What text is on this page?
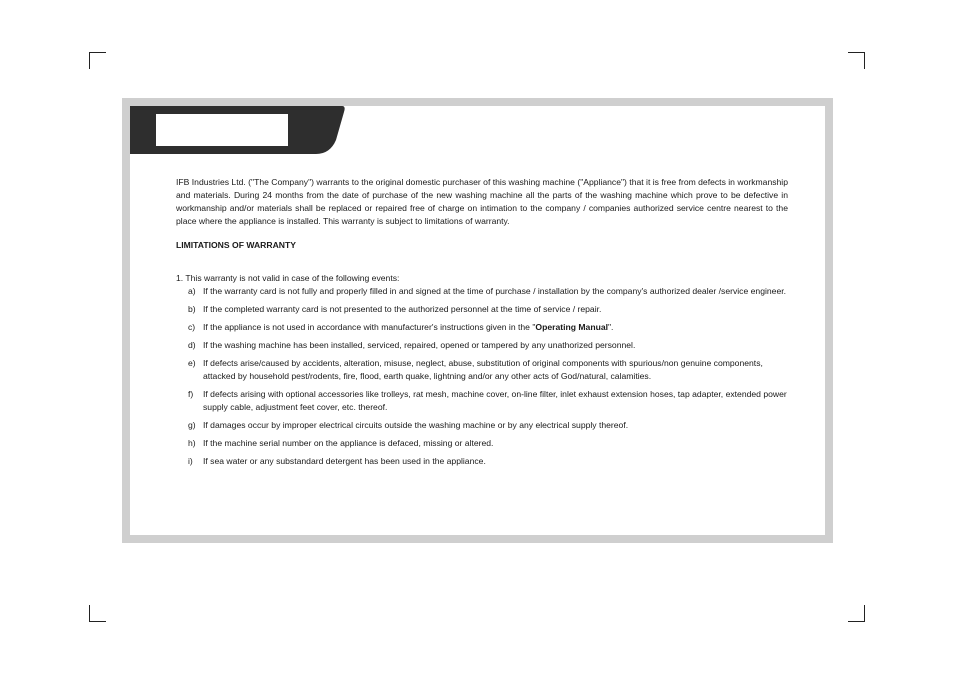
IFB Industries Ltd. ("The Company") warrants to the original domestic purchaser of this washing machine ("Appliance") that it is free from defects in workmanship and materials. During 24 months from the date of purchase of the new washing machine all the parts of the washing machine which prove to be defective in workmanship and/or materials shall be replaced or repaired free of charge on intimation to the company / companies authorized service centre nearest to the place where the appliance is installed. This warranty is subject to limitations of warranty.

LIMITATIONS OF WARRANTY

1. This warranty is not valid in case of the following events:

a) If the warranty card is not fully and properly filled in and signed at the time of purchase / installation by the company's authorized dealer /service engineer.
b) If the completed warranty card is not presented to the authorized personnel at the time of service / repair.
c) If the appliance is not used in accordance with manufacturer's instructions given in the "Operating Manual".
d) If the washing machine has been installed, serviced, repaired, opened or tampered by any unathorized personnel.
e) If defects arise/caused by accidents, alteration, misuse, neglect, abuse, substitution of original components with spurious/non genuine components, attacked by household pest/rodents, fire, flood, earth quake, lightning and/or any other acts of God/natural, calamities.
f) If defects arising with optional accessories like trolleys, rat mesh, machine cover, on-line filter, inlet exhaust extension hoses, tap adapter, extended power supply cable, adjustment feet cover, etc. thereof.
g) If damages occur by improper electrical circuits outside the washing machine or by any electrical supply thereof.
h) If the machine serial number on the appliance is defaced, missing or altered.
i) If sea water or any substandard detergent has been used in the appliance.
